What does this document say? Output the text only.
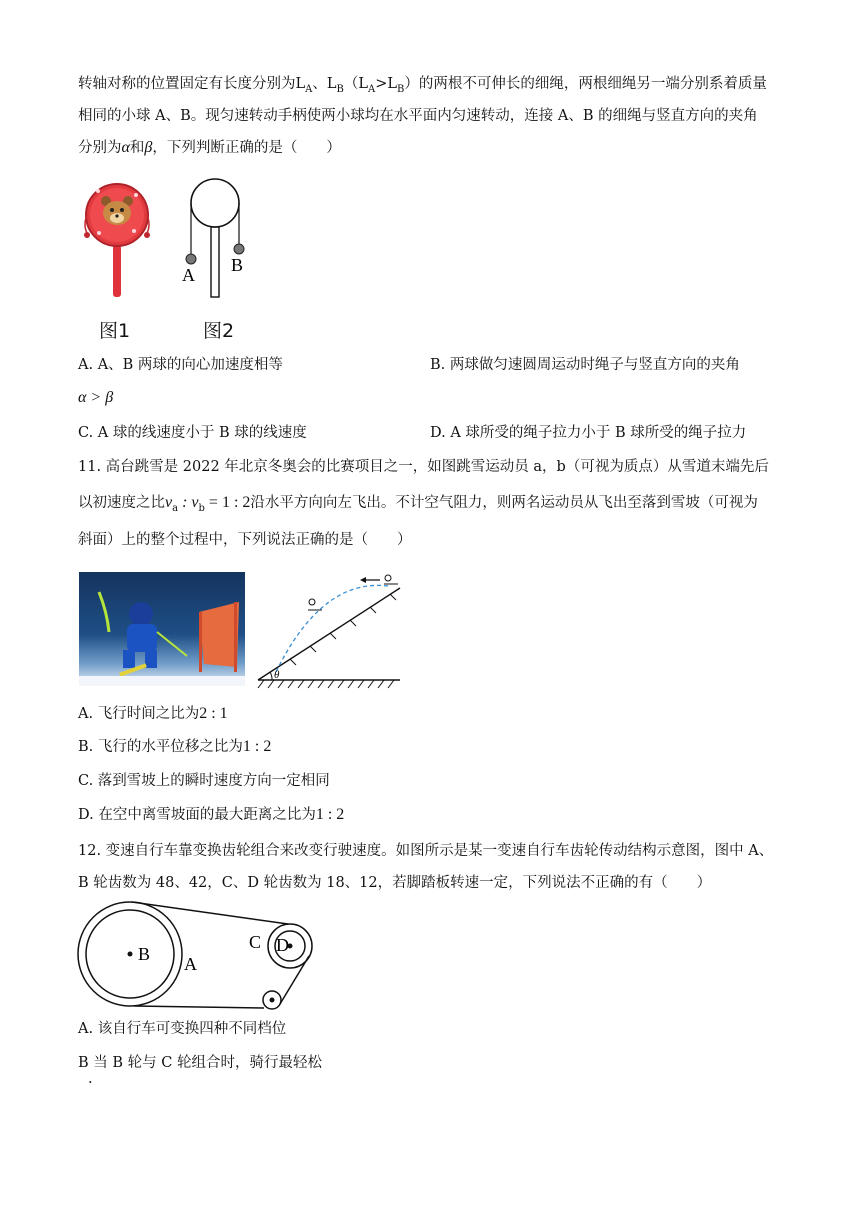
转轴对称的位置固定有长度分别为$L_A$、$L_B(L_A>L_B)$的两根不可伸长的细绳，两根细绳另一端分别系着质量
相同的小球 A、B。现匀速转动手柄使两小球均在水平面内匀速转动，连接 A、B 的细绳与竖直方向的夹角
分别为α和β，下列判断正确的是（　　）
图1
A B
图2
A. A、B 两球的向心加速度相等	B. 两球做匀速圆周运动时绳子与竖直方向的夹角
α > β
C. A 球的线速度小于 B 球的线速度	D. A 球所受的绳子拉力小于 B 球所受的绳子拉力
11. 高台跳雪是 2022 年北京冬奥会的比赛项目之一，如图跳雪运动员 a，b（可视为质点）从雪道末端先后
以初速度之比$v_a$ : $v_b = 1$ : 2沿水平方向向左飞出。不计空气阻力，则两名运动员从飞出至落到雪坡（可视为
斜面）上的整个过程中，下列说法正确的是（　　）
θ
A. 飞行时间之比为2 : 1
B. 飞行的水平位移之比为1 : 2
C. 落到雪坡上的瞬时速度方向一定相同
D. 在空中离雪坡面的最大距离之比为1 : 2
12. 变速自行车靠变换齿轮组合来改变行驶速度。如图所示是某一变速自行车齿轮传动结构示意图，图中 A、
B 轮齿数为 48、42，C、D 轮齿数为 18、12，若脚踏板转速一定，下列说法不正确的有（　　）
B A
C D
A. 该自行车可变换四种不同档位
B 当 B 轮与 C 轮组合时，骑行最轻松
.
